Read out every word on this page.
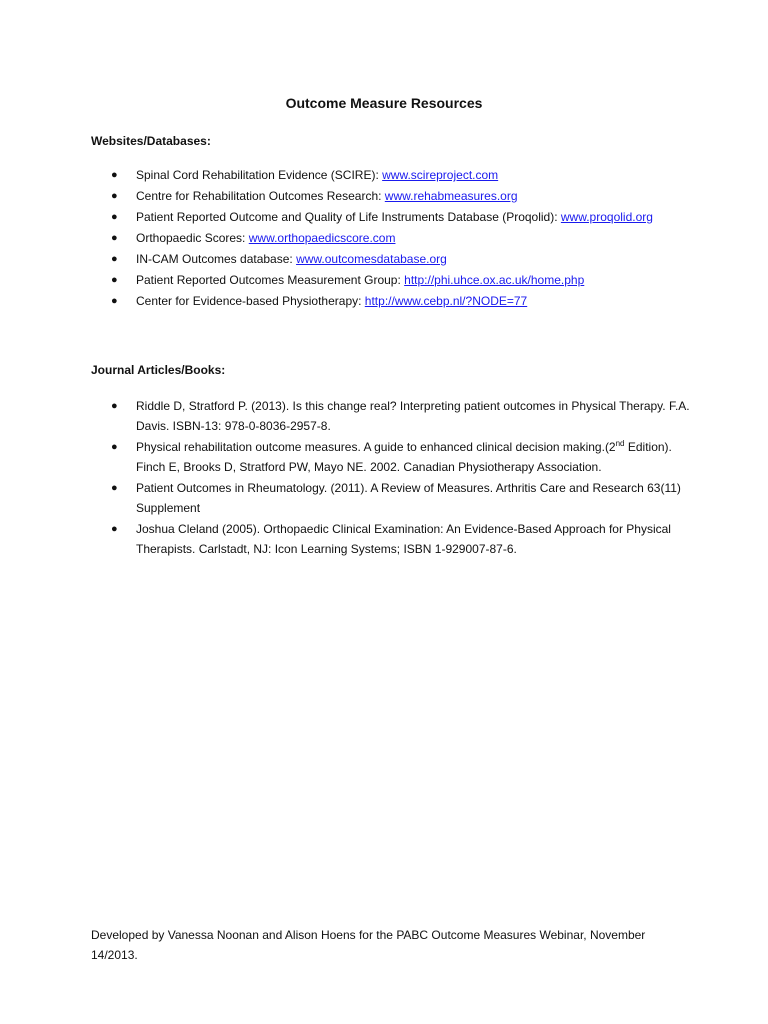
Outcome Measure Resources
Websites/Databases:
● Spinal Cord Rehabilitation Evidence (SCIRE): www.scireproject.com
● Centre for Rehabilitation Outcomes Research: www.rehabmeasures.org
● Patient Reported Outcome and Quality of Life Instruments Database (Proqolid): www.proqolid.org
● Orthopaedic Scores: www.orthopaedicscore.com
● IN-CAM Outcomes database: www.outcomesdatabase.org
● Patient Reported Outcomes Measurement Group: http://phi.uhce.ox.ac.uk/home.php
● Center for Evidence-based Physiotherapy: http://www.cebp.nl/?NODE=77
Journal Articles/Books:
● Riddle D, Stratford P. (2013). Is this change real? Interpreting patient outcomes in Physical Therapy. F.A. Davis. ISBN-13: 978-0-8036-2957-8.
● Physical rehabilitation outcome measures. A guide to enhanced clinical decision making.(2nd Edition). Finch E, Brooks D, Stratford PW, Mayo NE. 2002. Canadian Physiotherapy Association.
● Patient Outcomes in Rheumatology. (2011). A Review of Measures. Arthritis Care and Research 63(11) Supplement
● Joshua Cleland (2005). Orthopaedic Clinical Examination: An Evidence-Based Approach for Physical Therapists. Carlstadt, NJ: Icon Learning Systems; ISBN 1-929007-87-6.

Developed by Vanessa Noonan and Alison Hoens for the PABC Outcome Measures Webinar, November 14/2013.
